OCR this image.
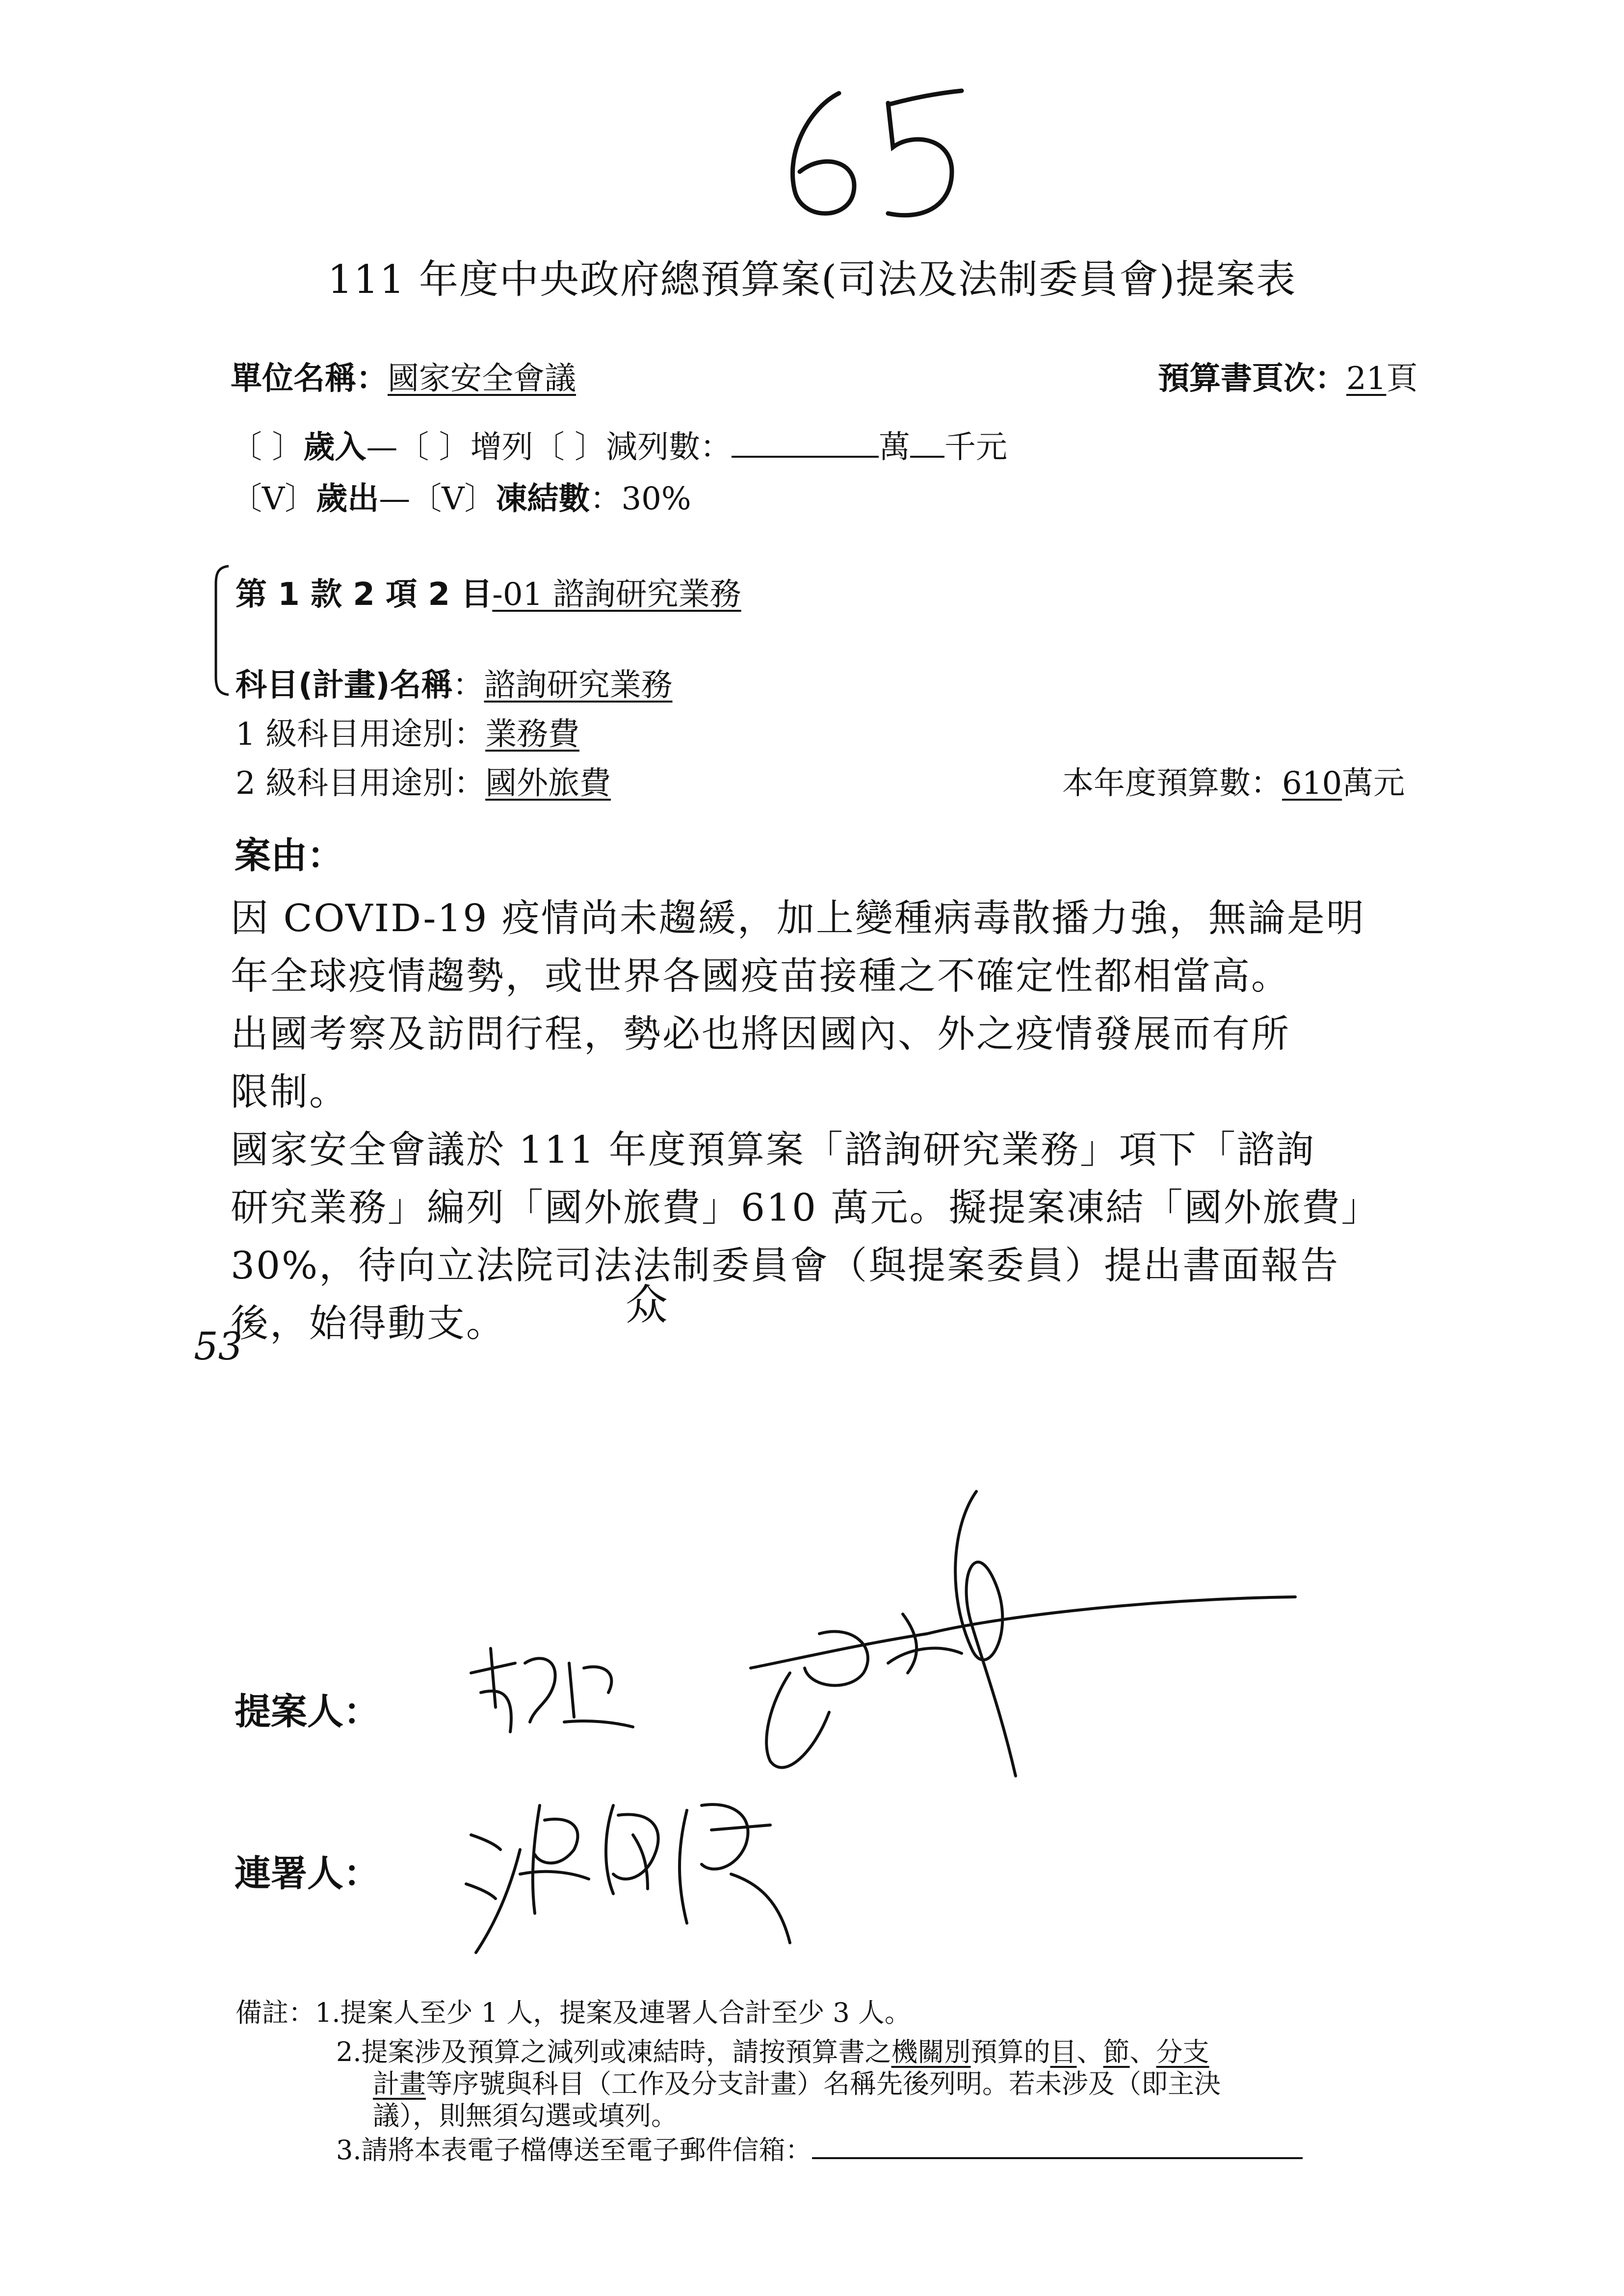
111 年度中央政府總預算案(司法及法制委員會)提案表
單位名稱：國家安全會議	預算書頁次：21頁
〔 〕歲入—〔 〕增列〔 〕減列數：	萬 千元
〔V〕歲出—〔V〕凍結數：30%
第 1 款 2 項 2 目-01 諮詢研究業務
科目(計畫)名稱：諮詢研究業務
1 級科目用途別：業務費
2 級科目用途別：國外旅費	本年度預算數：610萬元
案由：
因 COVID-19 疫情尚未趨緩，加上變種病毒散播力強，無論是明
年全球疫情趨勢，或世界各國疫苗接種之不確定性都相當高。
出國考察及訪問行程，勢必也將因國內、外之疫情發展而有所
限制。
國家安全會議於 111 年度預算案「諮詢研究業務」項下「諮詢
研究業務」編列「國外旅費」610 萬元。擬提案凍結「國外旅費」
30%，待向立法院司法法制委員會（與提案委員）提出書面報告
後，始得動支。
53
众
提案人：
連署人：
備註：1.提案人至少 1 人，提案及連署人合計至少 3 人。
2.提案涉及預算之減列或凍結時，請按預算書之機關別預算的目、節、分支
計畫等序號與科目（工作及分支計畫）名稱先後列明。若未涉及（即主決
議），則無須勾選或填列。
3.請將本表電子檔傳送至電子郵件信箱：
